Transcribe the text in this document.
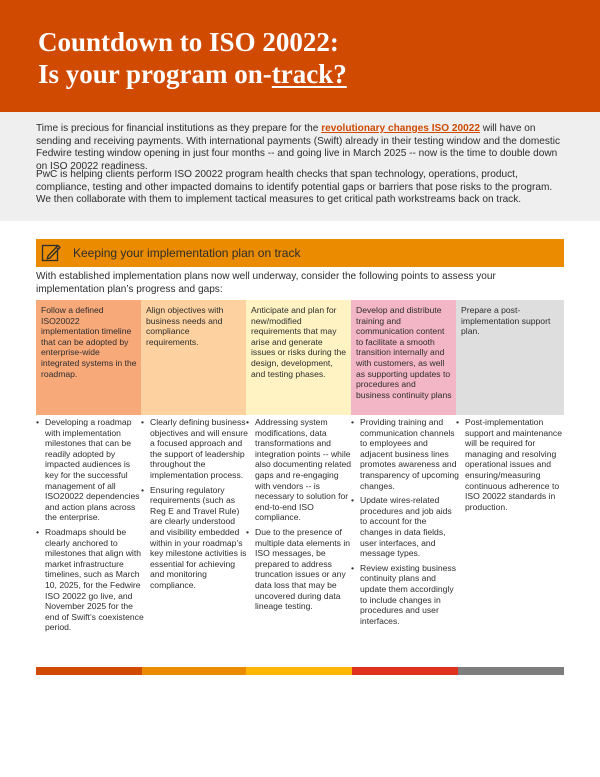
Countdown to ISO 20022:
Is your program on-track?

Time is precious for financial institutions as they prepare for the revolutionary changes ISO 20022 will have on sending and receiving payments. With international payments (Swift) already in their testing window and the domestic Fedwire testing window opening in just four months -- and going live in March 2025 -- now is the time to double down on ISO 20022 readiness.

PwC is helping clients perform ISO 20022 program health checks that span technology, operations, product, compliance, testing and other impacted domains to identify potential gaps or barriers that pose risks to the program. We then collaborate with them to implement tactical measures to get critical path workstreams back on track.

Keeping your implementation plan on track
With established implementation plans now well underway, consider the following points to assess your implementation plan’s progress and gaps:
Follow a defined ISO20022 implementation timeline that can be adopted by enterprise-wide integrated systems in the roadmap.
Align objectives with business needs and compliance requirements.
Anticipate and plan for new/modified requirements that may arise and generate issues or risks during the design, development, and testing phases.
Develop and distribute training and communication content to facilitate a smooth transition internally and with customers, as well as supporting updates to procedures and business continuity plans
Prepare a post-implementation support plan.
• Developing a roadmap with implementation milestones that can be readily adopted by impacted audiences is key for the successful management of all ISO20022 dependencies and action plans across the enterprise.
• Roadmaps should be clearly anchored to milestones that align with market infrastructure timelines, such as March 10, 2025, for the Fedwire ISO 20022 go live, and November 2025 for the end of Swift’s coexistence period.
• Clearly defining business objectives and will ensure a focused approach and the support of leadership throughout the implementation process.
• Ensuring regulatory requirements (such as Reg E and Travel Rule) are clearly understood and visibility embedded within in your roadmap’s key milestone activities is essential for achieving and monitoring compliance.
• Addressing system modifications, data transformations and integration points -- while also documenting related gaps and re-engaging with vendors -- is necessary to solution for end-to-end ISO compliance.
• Due to the presence of multiple data elements in ISO messages, be prepared to address truncation issues or any data loss that may be uncovered during data lineage testing.
• Providing training and communication channels to employees and adjacent business lines promotes awareness and transparency of upcoming changes.
• Update wires-related procedures and job aids to account for the changes in data fields, user interfaces, and message types.
• Review existing business continuity plans and update them accordingly to include changes in procedures and user interfaces.
• Post-implementation support and maintenance will be required for managing and resolving operational issues and ensuring/measuring continuous adherence to ISO 20022 standards in production.
